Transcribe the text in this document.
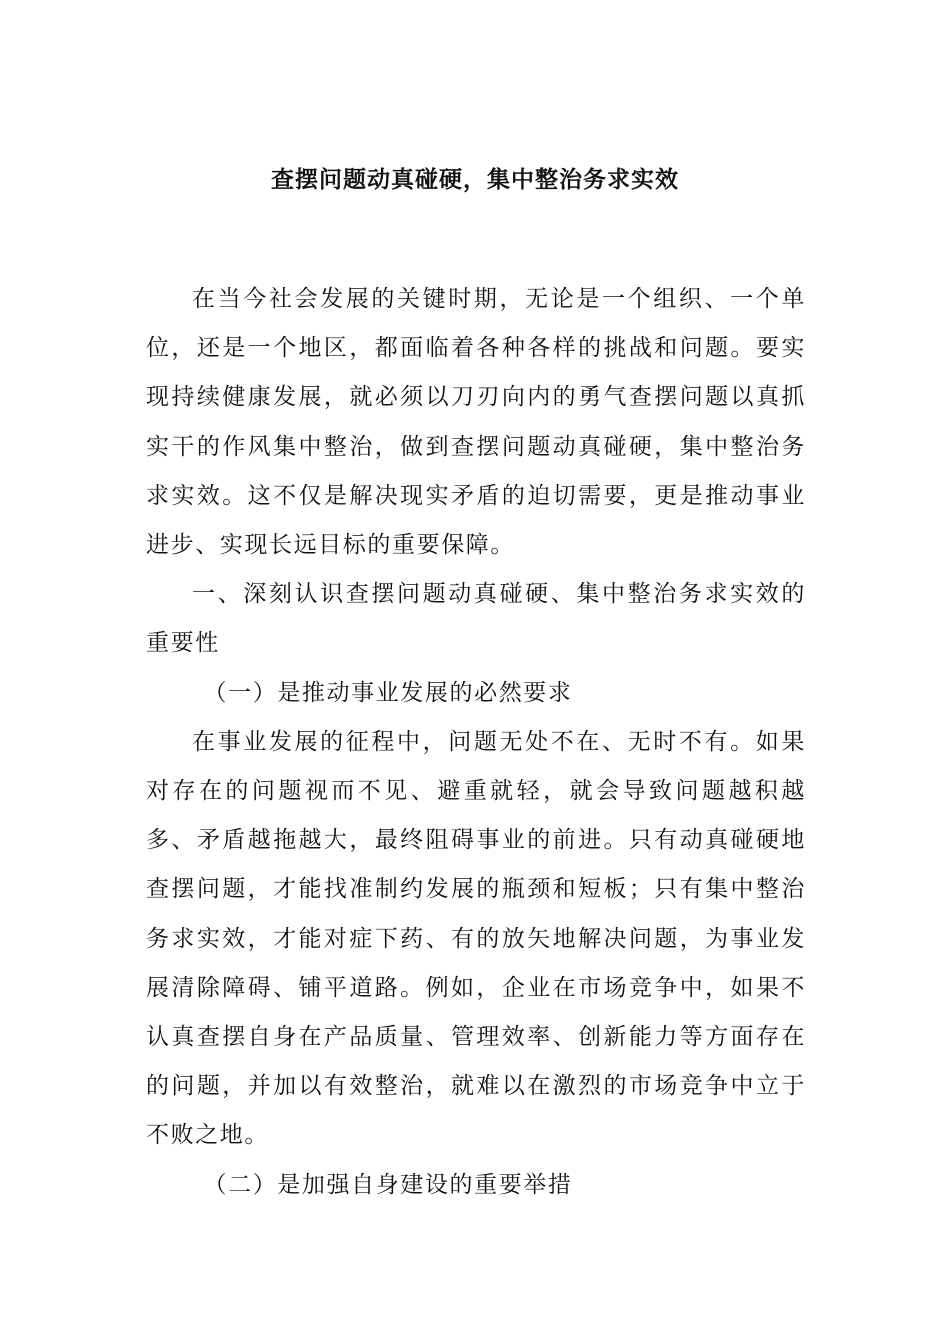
查摆问题动真碰硬，集中整治务求实效

在当今社会发展的关键时期，无论是一个组织、一个单位，还是一个地区，都面临着各种各样的挑战和问题。要实现持续健康发展，就必须以刀刃向内的勇气查摆问题以真抓实干的作风集中整治，做到查摆问题动真碰硬，集中整治务求实效。这不仅是解决现实矛盾的迫切需要，更是推动事业进步、实现长远目标的重要保障。

一、深刻认识查摆问题动真碰硬、集中整治务求实效的重要性

（一）是推动事业发展的必然要求

在事业发展的征程中，问题无处不在、无时不有。如果对存在的问题视而不见、避重就轻，就会导致问题越积越多、矛盾越拖越大，最终阻碍事业的前进。只有动真碰硬地查摆问题，才能找准制约发展的瓶颈和短板；只有集中整治务求实效，才能对症下药、有的放矢地解决问题，为事业发展清除障碍、铺平道路。例如，企业在市场竞争中，如果不认真查摆自身在产品质量、管理效率、创新能力等方面存在的问题，并加以有效整治，就难以在激烈的市场竞争中立于不败之地。

（二）是加强自身建设的重要举措
